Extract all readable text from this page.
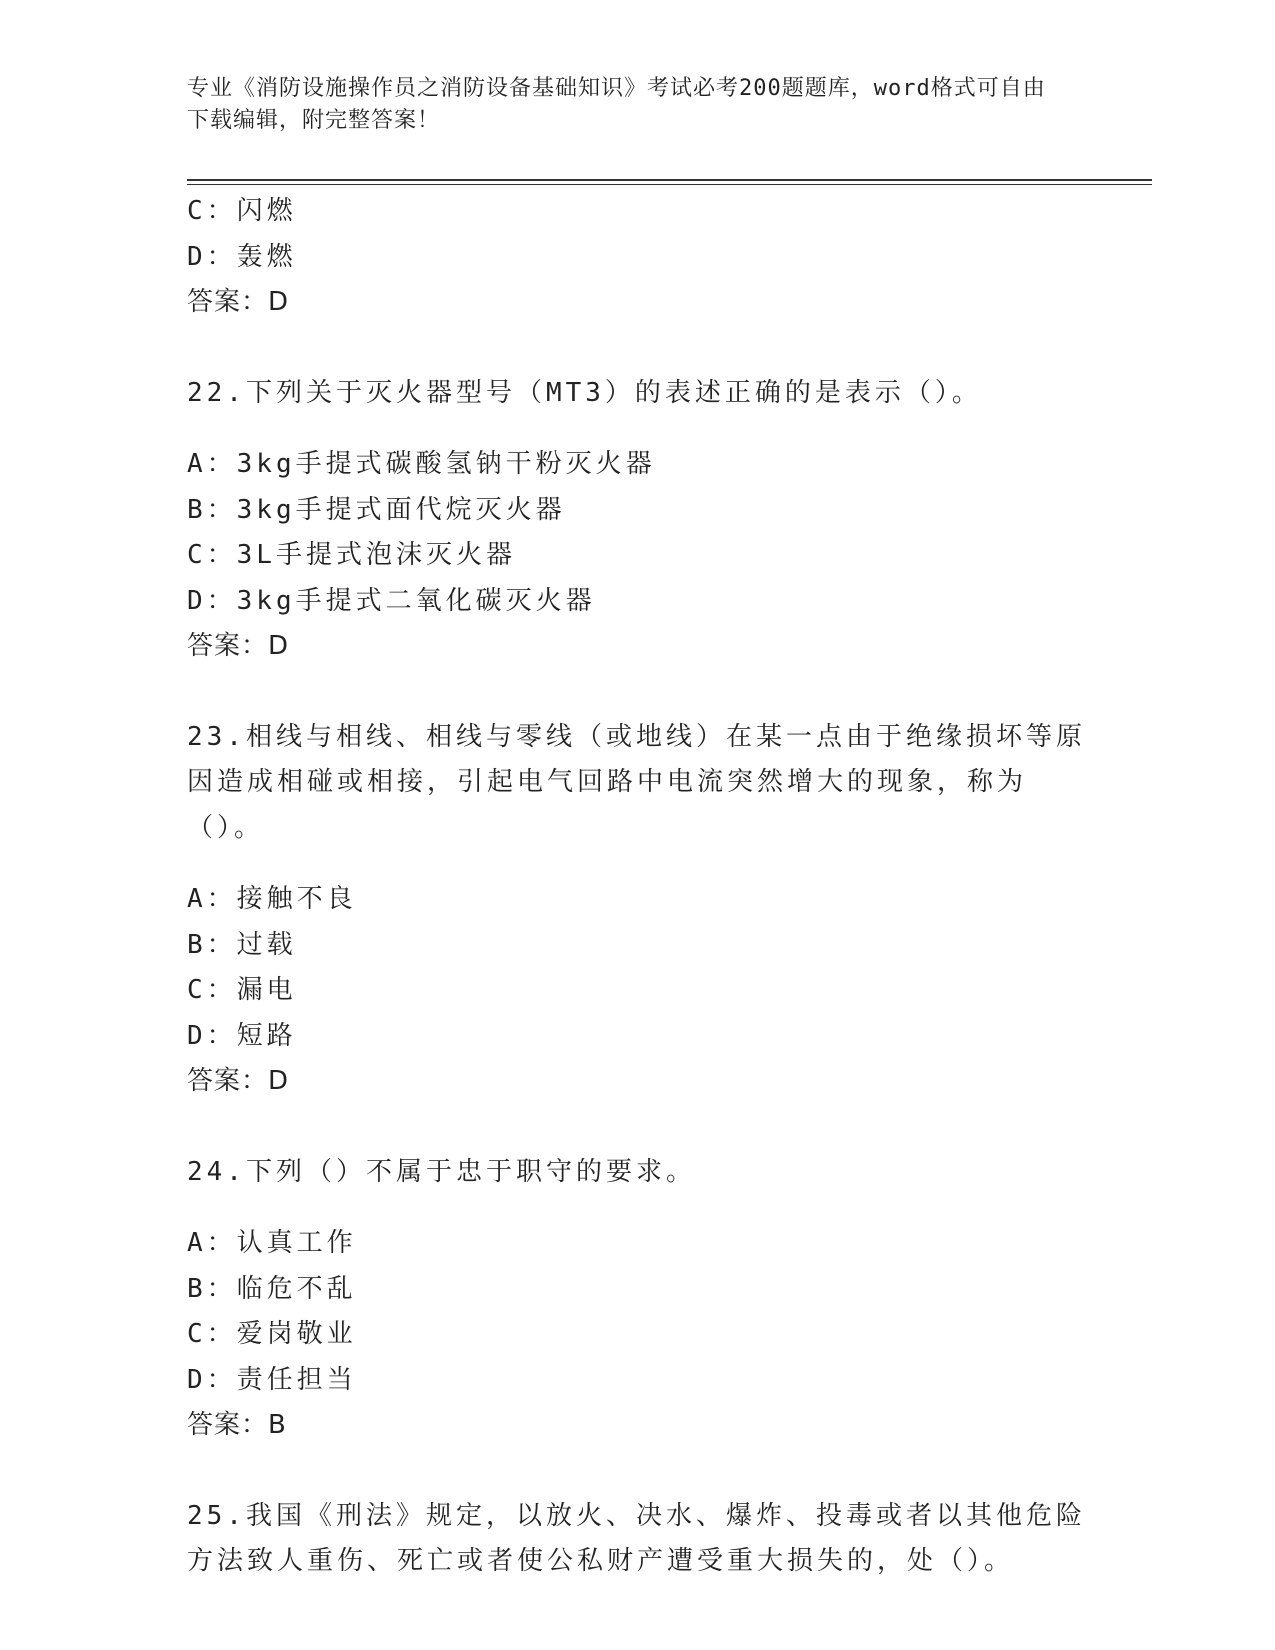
专业《消防设施操作员之消防设备基础知识》考试必考200题题库，word格式可自由下载编辑，附完整答案！

C：闪燃

D：轰燃

答案：D

22.下列关于灭火器型号（MT3）的表述正确的是表示（）。

A：3kg手提式碳酸氢钠干粉灭火器

B：3kg手提式面代烷灭火器

C：3L手提式泡沫灭火器

D：3kg手提式二氧化碳灭火器

答案：D

23.相线与相线、相线与零线（或地线）在某一点由于绝缘损坏等原因造成相碰或相接，引起电气回路中电流突然增大的现象，称为（）。

A：接触不良

B：过载

C：漏电

D：短路

答案：D

24.下列（）不属于忠于职守的要求。

A：认真工作

B：临危不乱

C：爱岗敬业

D：责任担当

答案：B

25.我国《刑法》规定，以放火、决水、爆炸、投毒或者以其他危险方法致人重伤、死亡或者使公私财产遭受重大损失的，处（）。
